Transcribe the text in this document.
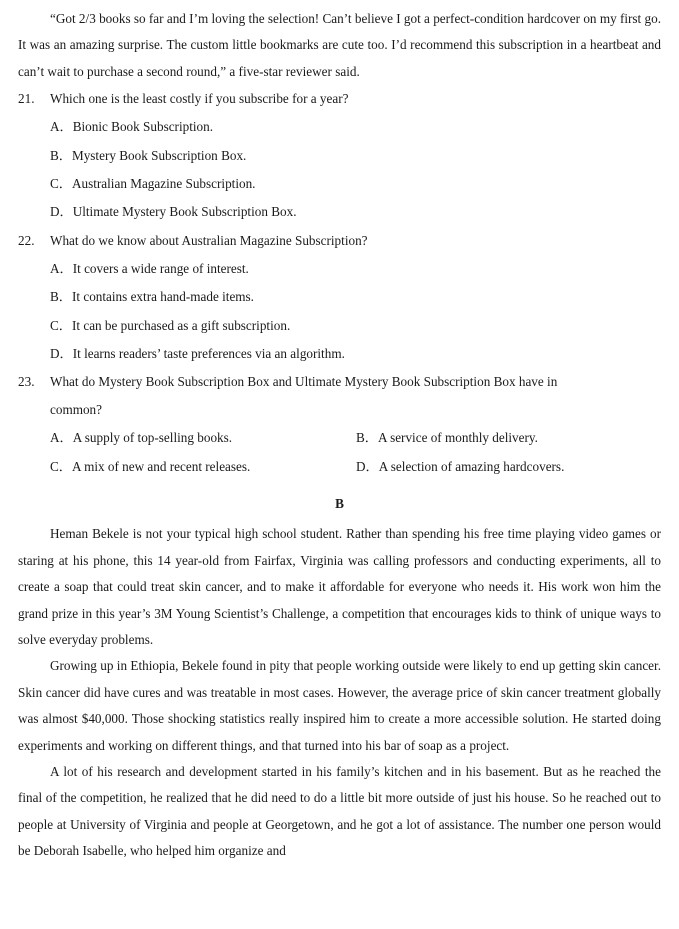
“Got 2/3 books so far and I’m loving the selection! Can’t believe I got a perfect-condition hardcover on my first go. It was an amazing surprise. The custom little bookmarks are cute too. I’d recommend this subscription in a heartbeat and can’t wait to purchase a second round,” a five-star reviewer said.

21. Which one is the least costly if you subscribe for a year?
A．Bionic Book Subscription.
B．Mystery Book Subscription Box.
C．Australian Magazine Subscription.
D．Ultimate Mystery Book Subscription Box.
22. What do we know about Australian Magazine Subscription?
A．It covers a wide range of interest.
B．It contains extra hand-made items.
C．It can be purchased as a gift subscription.
D．It learns readers’ taste preferences via an algorithm.
23. What do Mystery Book Subscription Box and Ultimate Mystery Book Subscription Box have in
common?
A．A supply of top-selling books.	B．A service of monthly delivery.
C．A mix of new and recent releases.	D．A selection of amazing hardcovers.
B

Heman Bekele is not your typical high school student. Rather than spending his free time playing video games or staring at his phone, this 14 year-old from Fairfax, Virginia was calling professors and conducting experiments, all to create a soap that could treat skin cancer, and to make it affordable for everyone who needs it. His work won him the grand prize in this year’s 3M Young Scientist’s Challenge, a competition that encourages kids to think of unique ways to solve everyday problems.

Growing up in Ethiopia, Bekele found in pity that people working outside were likely to end up getting skin cancer. Skin cancer did have cures and was treatable in most cases. However, the average price of skin cancer treatment globally was almost $40,000. Those shocking statistics really inspired him to create a more accessible solution. He started doing experiments and working on different things, and that turned into his bar of soap as a project.

A lot of his research and development started in his family’s kitchen and in his basement. But as he reached the final of the competition, he realized that he did need to do a little bit more outside of just his house. So he reached out to people at University of Virginia and people at Georgetown, and he got a lot of assistance. The number one person would be Deborah Isabelle, who helped him organize and
